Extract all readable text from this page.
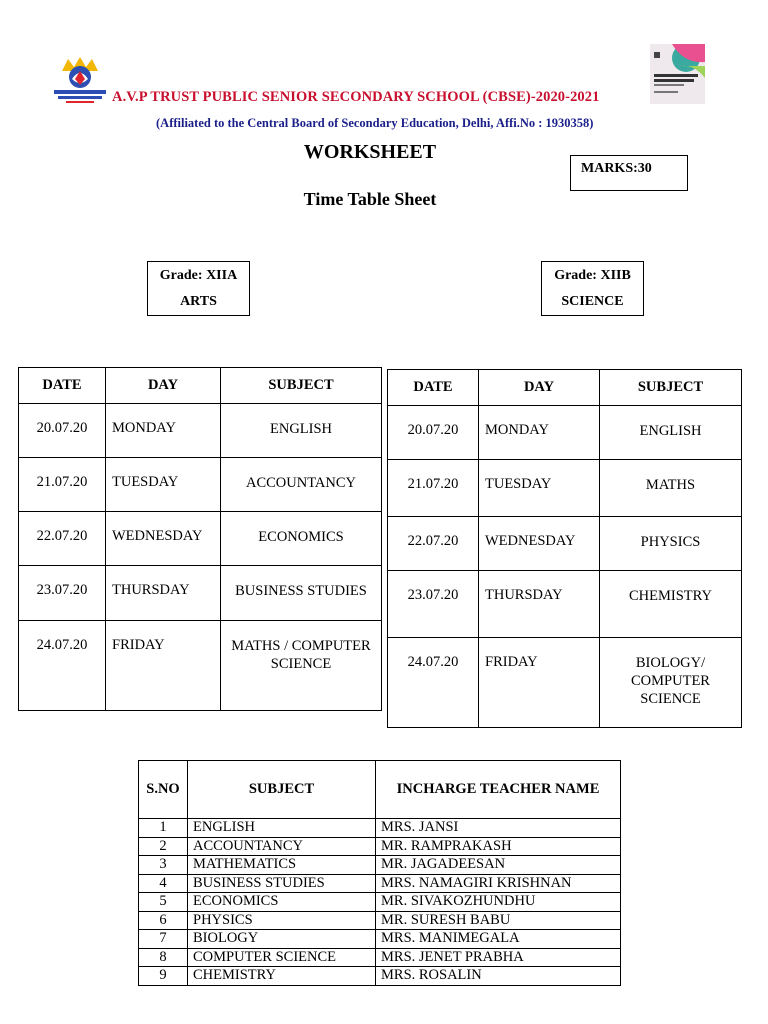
A.V.P TRUST PUBLIC SENIOR SECONDARY SCHOOL (CBSE)-2020-2021
(Affiliated to the Central Board of Secondary Education, Delhi, Affi.No : 1930358)
WORKSHEET
Time Table Sheet
MARKS:30
Grade: XIIA
ARTS
Grade: XIIB
SCIENCE
DATE	DAY	SUBJECT
20.07.20	MONDAY	ENGLISH
21.07.20	TUESDAY	ACCOUNTANCY
22.07.20	WEDNESDAY	ECONOMICS
23.07.20	THURSDAY	BUSINESS STUDIES
24.07.20	FRIDAY	MATHS / COMPUTER SCIENCE
DATE	DAY	SUBJECT
20.07.20	MONDAY	ENGLISH
21.07.20	TUESDAY	MATHS
22.07.20	WEDNESDAY	PHYSICS
23.07.20	THURSDAY	CHEMISTRY
24.07.20	FRIDAY	BIOLOGY/ COMPUTER SCIENCE
S.NO	SUBJECT	INCHARGE TEACHER NAME
1	ENGLISH	MRS. JANSI
2	ACCOUNTANCY	MR. RAMPRAKASH
3	MATHEMATICS	MR. JAGADEESAN
4	BUSINESS STUDIES	MRS. NAMAGIRI KRISHNAN
5	ECONOMICS	MR. SIVAKOZHUNDHU
6	PHYSICS	MR. SURESH BABU
7	BIOLOGY	MRS. MANIMEGALA
8	COMPUTER SCIENCE	MRS. JENET PRABHA
9	CHEMISTRY	MRS. ROSALIN
